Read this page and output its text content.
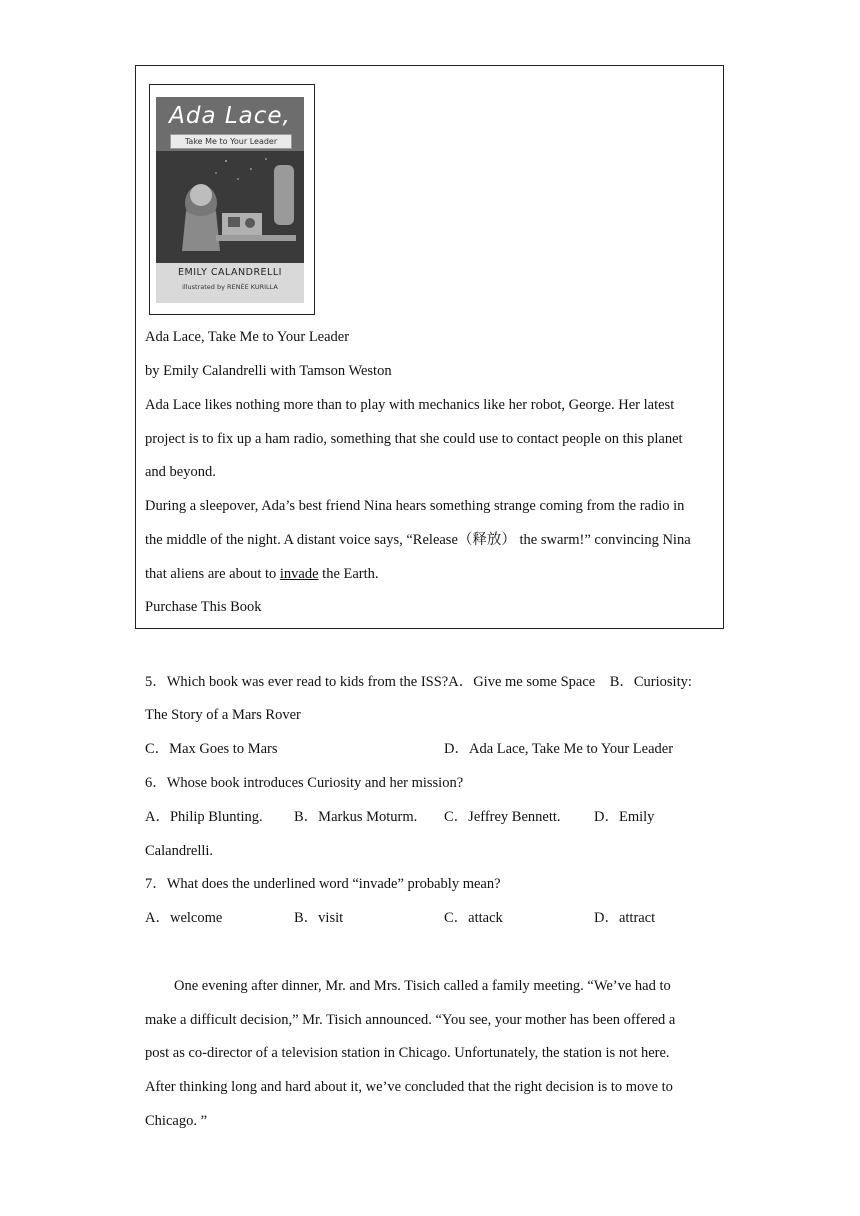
Ada Lace,
Take Me to Your Leader
EMILY CALANDRELLI
illustrated by RENÉE KURILLA
Ada Lace, Take Me to Your Leader
by Emily Calandrelli with Tamson Weston
Ada Lace likes nothing more than to play with mechanics like her robot, George. Her latest
project is to fix up a ham radio, something that she could use to contact people on this planet
and beyond.
During a sleepover, Ada’s best friend Nina hears something strange coming from the radio in
the middle of the night. A distant voice says, “Release（释放） the swarm!” convincing Nina
that aliens are about to invade the Earth.
Purchase This Book
5．Which book was ever read to kids from the ISS?A．Give me some Space　B．Curiosity:
The Story of a Mars Rover
C．Max Goes to Mars	D．Ada Lace, Take Me to Your Leader
6．Whose book introduces Curiosity and her mission?
A．Philip Blunting. B．Markus Moturm. C．Jeffrey Bennett. D．Emily
Calandrelli.
7．What does the underlined word “invade” probably mean?
A．welcome	B．visit	C．attack	D．attract
One evening after dinner, Mr. and Mrs. Tisich called a family meeting. “We’ve had to
make a difficult decision,” Mr. Tisich announced. “You see, your mother has been offered a
post as co-director of a television station in Chicago. Unfortunately, the station is not here.
After thinking long and hard about it, we’ve concluded that the right decision is to move to
Chicago. ”
